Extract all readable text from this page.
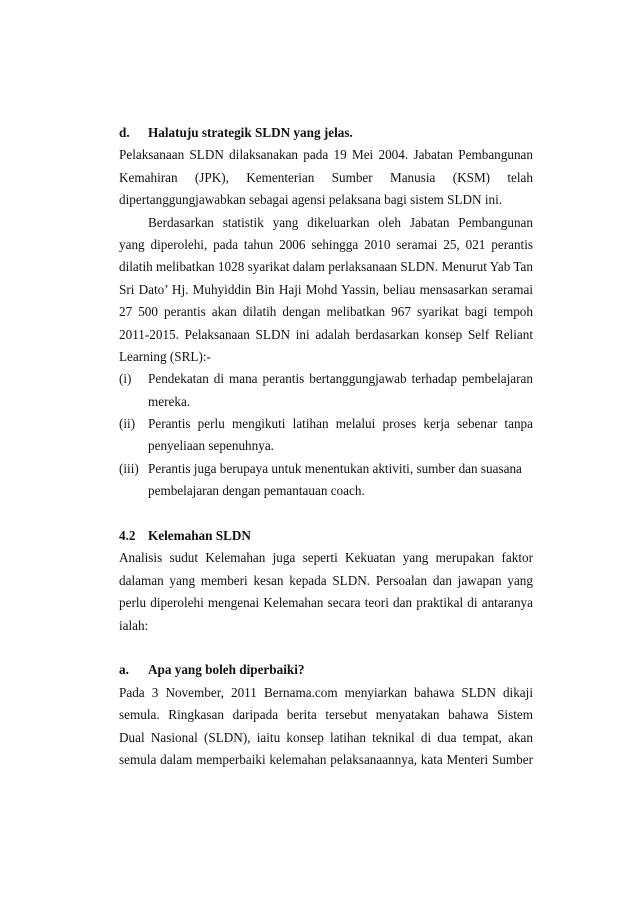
d.	Halatuju strategik SLDN yang jelas.
Pelaksanaan SLDN dilaksanakan pada 19 Mei 2004. Jabatan Pembangunan
Kemahiran (JPK), Kementerian Sumber Manusia (KSM) telah
dipertanggungjawabkan sebagai agensi pelaksana bagi sistem SLDN ini.
Berdasarkan statistik yang dikeluarkan oleh Jabatan Pembangunan
yang diperolehi, pada tahun 2006 sehingga 2010 seramai 25, 021 perantis
dilatih melibatkan 1028 syarikat dalam perlaksanaan SLDN. Menurut Yab Tan
Sri Dato’ Hj. Muhyiddin Bin Haji Mohd Yassin, beliau mensasarkan seramai
27 500 perantis akan dilatih dengan melibatkan 967 syarikat bagi tempoh
2011-2015. Pelaksanaan SLDN ini adalah berdasarkan konsep Self Reliant
Learning (SRL):-
(i)	Pendekatan di mana perantis bertanggungjawab terhadap pembelajaran
mereka.
(ii) Perantis perlu mengikuti latihan melalui proses kerja sebenar tanpa
penyeliaan sepenuhnya.
(iii) Perantis juga berupaya untuk menentukan aktiviti, sumber dan suasana
pembelajaran dengan pemantauan coach.
4.2 Kelemahan SLDN
Analisis sudut Kelemahan juga seperti Kekuatan yang merupakan faktor
dalaman yang memberi kesan kepada SLDN. Persoalan dan jawapan yang
perlu diperolehi mengenai Kelemahan secara teori dan praktikal di antaranya
ialah:
a.	Apa yang boleh diperbaiki?
Pada 3 November, 2011 Bernama.com menyiarkan bahawa SLDN dikaji
semula. Ringkasan daripada berita tersebut menyatakan bahawa Sistem
Dual Nasional (SLDN), iaitu konsep latihan teknikal di dua tempat, akan
semula dalam memperbaiki kelemahan pelaksanaannya, kata Menteri Sumber
